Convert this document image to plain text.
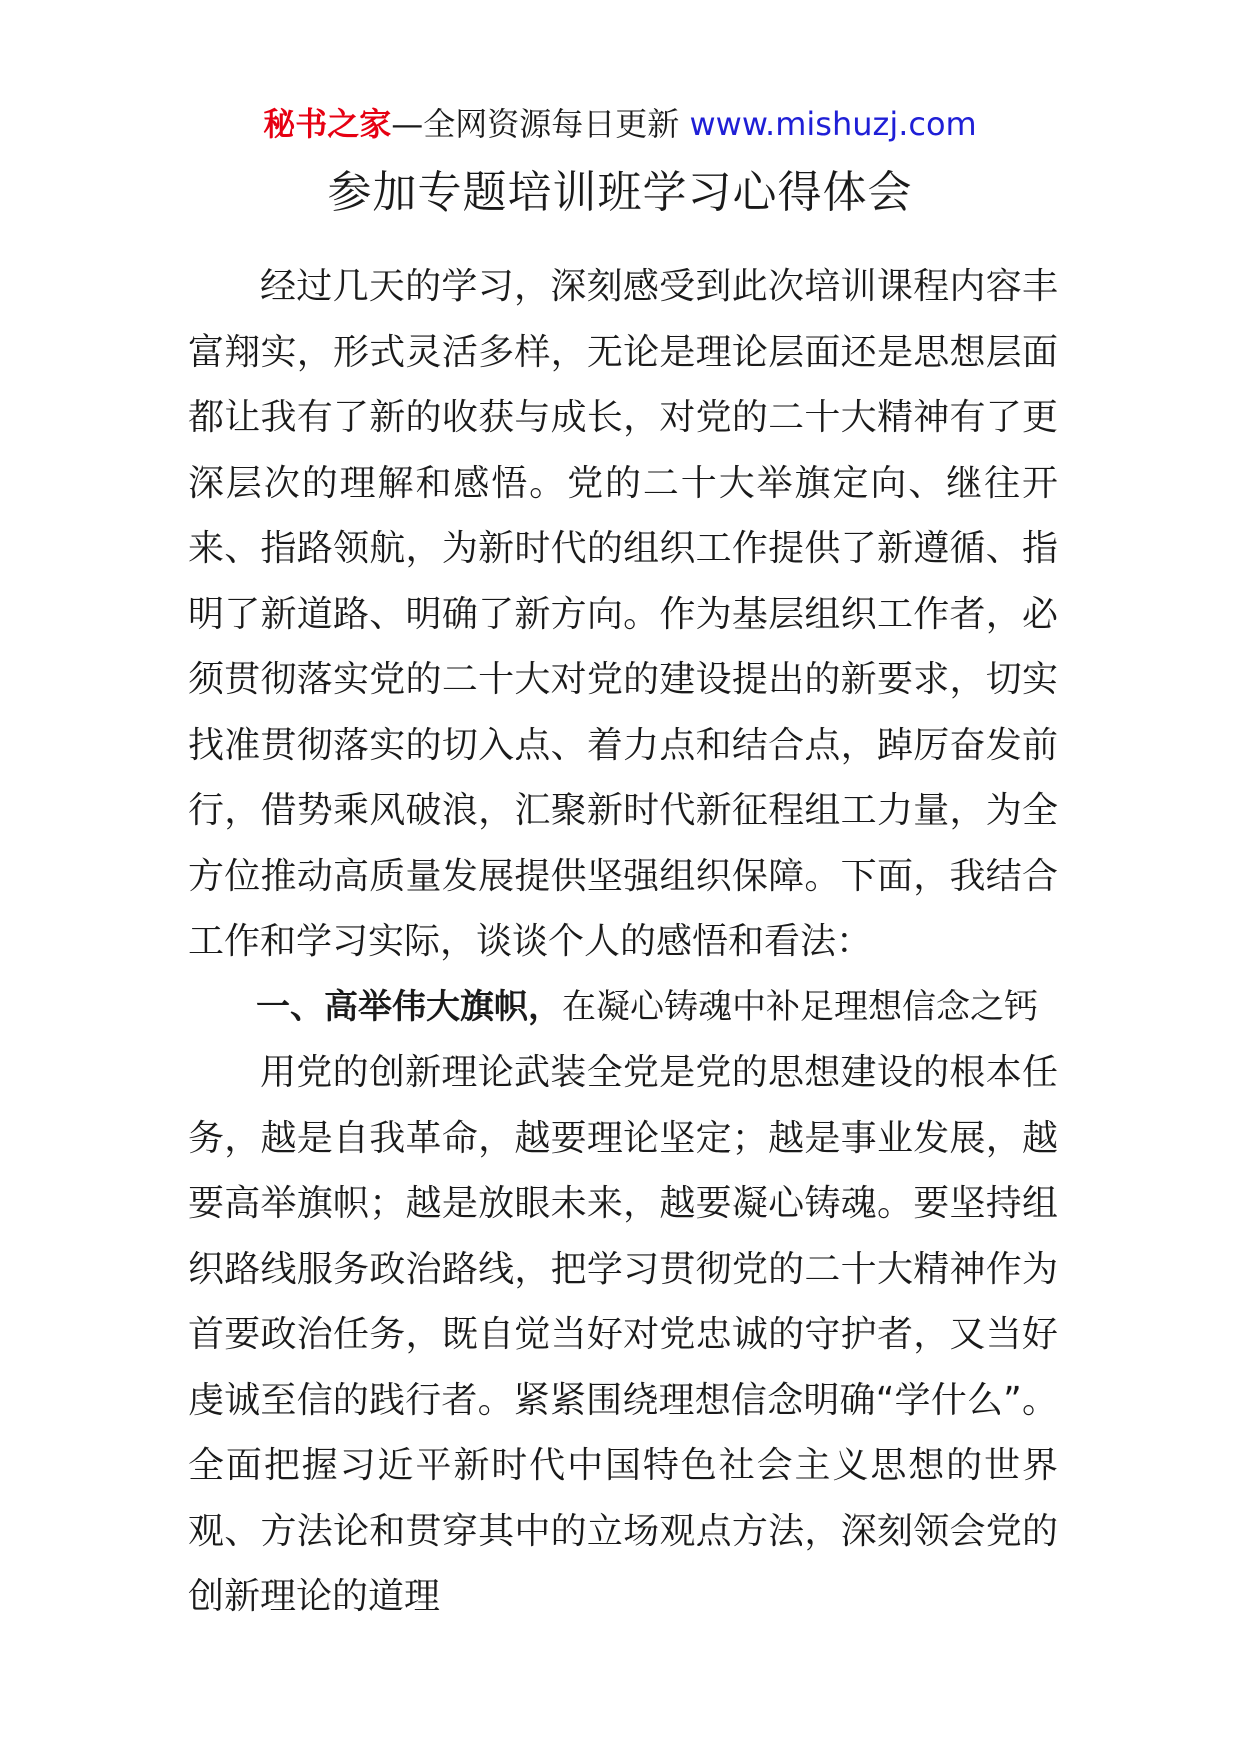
秘书之家—全网资源每日更新 www.mishuzj.com
参加专题培训班学习心得体会

经过几天的学习，深刻感受到此次培训课程内容丰富翔实，形式灵活多样，无论是理论层面还是思想层面都让我有了新的收获与成长，对党的二十大精神有了更深层次的理解和感悟。党的二十大举旗定向、继往开来、指路领航，为新时代的组织工作提供了新遵循、指明了新道路、明确了新方向。作为基层组织工作者，必须贯彻落实党的二十大对党的建设提出的新要求，切实找准贯彻落实的切入点、着力点和结合点，踔厉奋发前行，借势乘风破浪，汇聚新时代新征程组工力量，为全方位推动高质量发展提供坚强组织保障。下面，我结合工作和学习实际，谈谈个人的感悟和看法：

一、高举伟大旗帜，在凝心铸魂中补足理想信念之钙

用党的创新理论武装全党是党的思想建设的根本任务，越是自我革命，越要理论坚定；越是事业发展，越要高举旗帜；越是放眼未来，越要凝心铸魂。要坚持组织路线服务政治路线，把学习贯彻党的二十大精神作为首要政治任务，既自觉当好对党忠诚的守护者，又当好虔诚至信的践行者。紧紧围绕理想信念明确“学什么”。全面把握习近平新时代中国特色社会主义思想的世界观、方法论和贯穿其中的立场观点方法，深刻领会党的创新理论的道理
